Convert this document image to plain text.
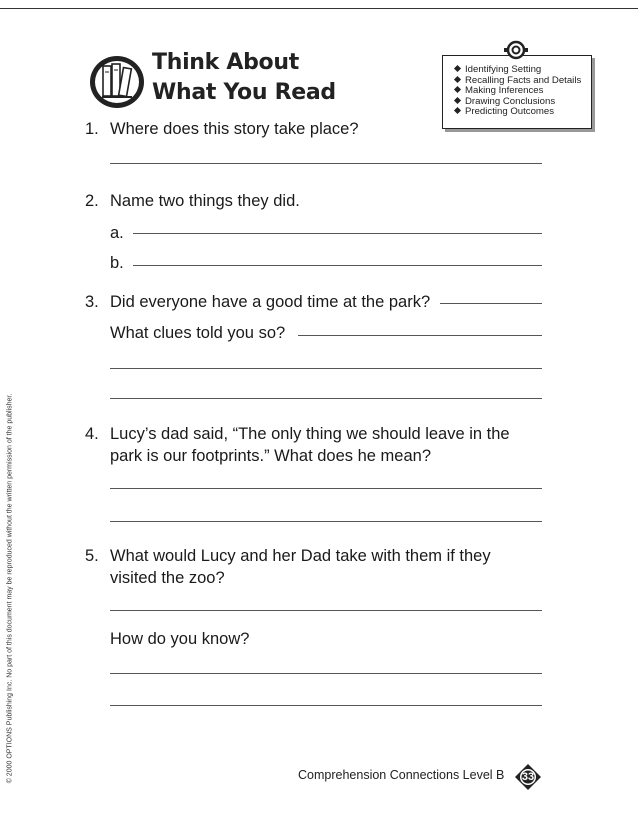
Think About
What You Read
Identifying Setting
Recalling Facts and Details
Making Inferences
Drawing Conclusions
Predicting Outcomes
1. Where does this story take place?
2. Name two things they did.
a.
b.
3. Did everyone have a good time at the park?
What clues told you so?
4. Lucy’s dad said, “The only thing we should leave in the
park is our footprints.” What does he mean?
5. What would Lucy and her Dad take with them if they
visited the zoo?
How do you know?
© 2000 OPTIONS Publishing Inc. No part of this document may be reproduced without the written permission of the publisher.	Comprehension Connections Level B	33
